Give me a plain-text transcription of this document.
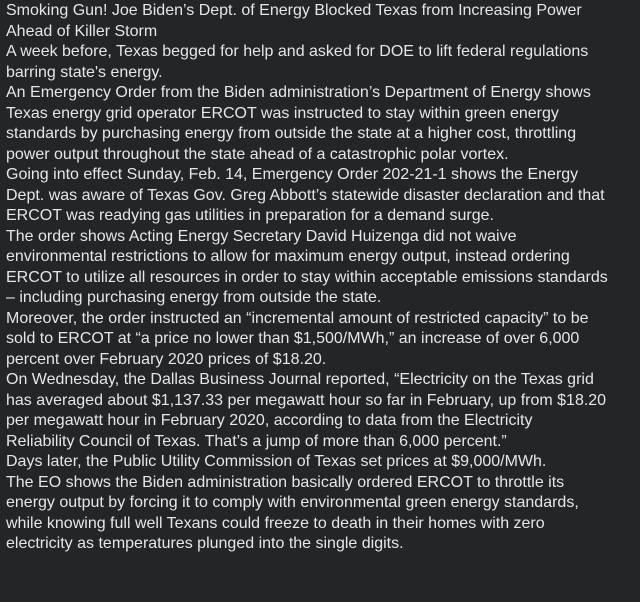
Smoking Gun! Joe Biden’s Dept. of Energy Blocked Texas from Increasing Power
Ahead of Killer Storm

A week before, Texas begged for help and asked for DOE to lift federal regulations
barring state's energy.

An Emergency Order from the Biden administration’s Department of Energy shows
Texas energy grid operator ERCOT was instructed to stay within green energy
standards by purchasing energy from outside the state at a higher cost, throttling
power output throughout the state ahead of a catastrophic polar vortex.

Going into effect Sunday, Feb. 14, Emergency Order 202-21-1 shows the Energy
Dept. was aware of Texas Gov. Greg Abbott’s statewide disaster declaration and that
ERCOT was readying gas utilities in preparation for a demand surge.

The order shows Acting Energy Secretary David Huizenga did not waive
environmental restrictions to allow for maximum energy output, instead ordering
ERCOT to utilize all resources in order to stay within acceptable emissions standards
– including purchasing energy from outside the state.

Moreover, the order instructed an “incremental amount of restricted capacity” to be
sold to ERCOT at “a price no lower than $1,500/MWh,” an increase of over 6,000
percent over February 2020 prices of $18.20.

On Wednesday, the Dallas Business Journal reported, “Electricity on the Texas grid
has averaged about $1,137.33 per megawatt hour so far in February, up from $18.20
per megawatt hour in February 2020, according to data from the Electricity
Reliability Council of Texas. That’s a jump of more than 6,000 percent.”

Days later, the Public Utility Commission of Texas set prices at $9,000/MWh.

The EO shows the Biden administration basically ordered ERCOT to throttle its
energy output by forcing it to comply with environmental green energy standards,
while knowing full well Texans could freeze to death in their homes with zero
electricity as temperatures plunged into the single digits.
